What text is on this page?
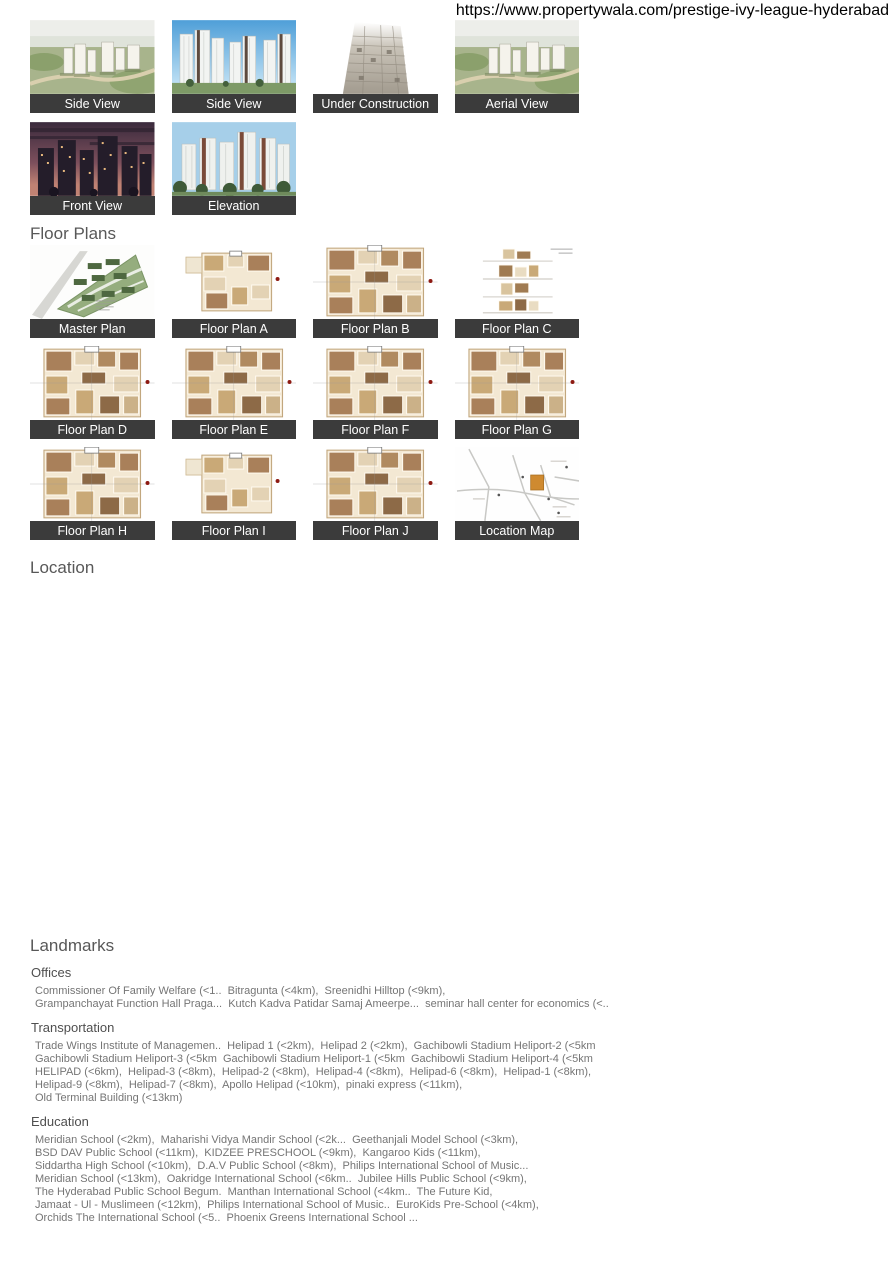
https://www.propertywala.com/prestige-ivy-league-hyderabad
Side View	Side View	Under Construction	Aerial View
Front View	Elevation
Floor Plans
Master Plan	Floor Plan A	Floor Plan B	Floor Plan C
Floor Plan D	Floor Plan E	Floor Plan F	Floor Plan G
Floor Plan H	Floor Plan I	Floor Plan J	Location Map
Location
Landmarks
Offices
Commissioner Of Family Welfare (<1..  Bitragunta (<4km),  Sreenidhi Hilltop (<9km),
Grampanchayat Function Hall Praga...  Kutch Kadva Patidar Samaj Ameerpe...  seminar hall center for economics (<..
Transportation
Trade Wings Institute of Managemen..  Helipad 1 (<2km),  Helipad 2 (<2km),  Gachibowli Stadium Heliport-2 (<5km
Gachibowli Stadium Heliport-3 (<5km  Gachibowli Stadium Heliport-1 (<5km  Gachibowli Stadium Heliport-4 (<5km
HELIPAD (<6km),  Helipad-3 (<8km),  Helipad-2 (<8km),  Helipad-4 (<8km),  Helipad-6 (<8km),  Helipad-1 (<8km),
Helipad-9 (<8km),  Helipad-7 (<8km),  Apollo Helipad (<10km),  pinaki express (<11km),
Old Terminal Building (<13km)
Education
Meridian School (<2km),  Maharishi Vidya Mandir School (<2k...  Geethanjali Model School (<3km),
BSD DAV Public School (<11km),  KIDZEE PRESCHOOL (<9km),  Kangaroo Kids (<11km),
Siddartha High School (<10km),  D.A.V Public School (<8km),  Philips International School of Music...
Meridian School (<13km),  Oakridge International School (<6km..  Jubilee Hills Public School (<9km),
The Hyderabad Public School Begum.  Manthan International School (<4km..  The Future Kid,
Jamaat - Ul - Muslimeen (<12km),  Philips International School of Music..  EuroKids Pre-School (<4km),
Orchids The International School (<5..  Phoenix Greens International School ...
